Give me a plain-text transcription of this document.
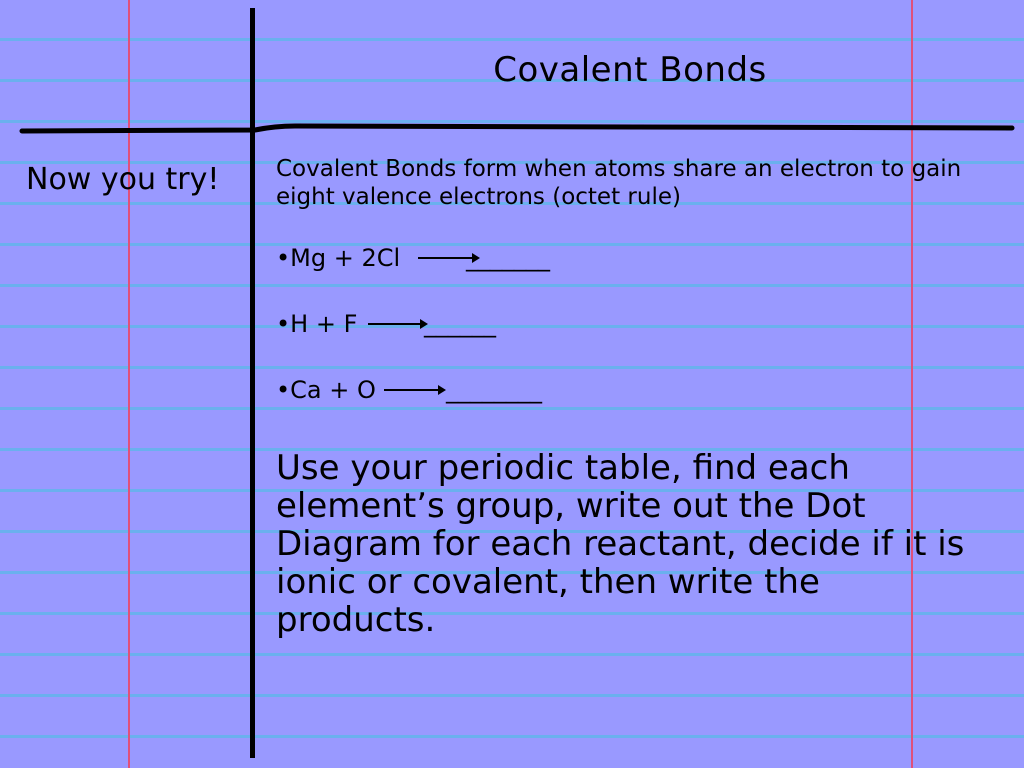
Covalent Bonds
Now you try! Covalent Bonds form when atoms share an electron to gain eight valence electrons (octet rule)

•Mg + 2Cl	_______
•H + F	______
•Ca + O	________

Use your periodic table, find each element’s group, write out the Dot Diagram for each reactant, decide if it is ionic or covalent, then write the products.
